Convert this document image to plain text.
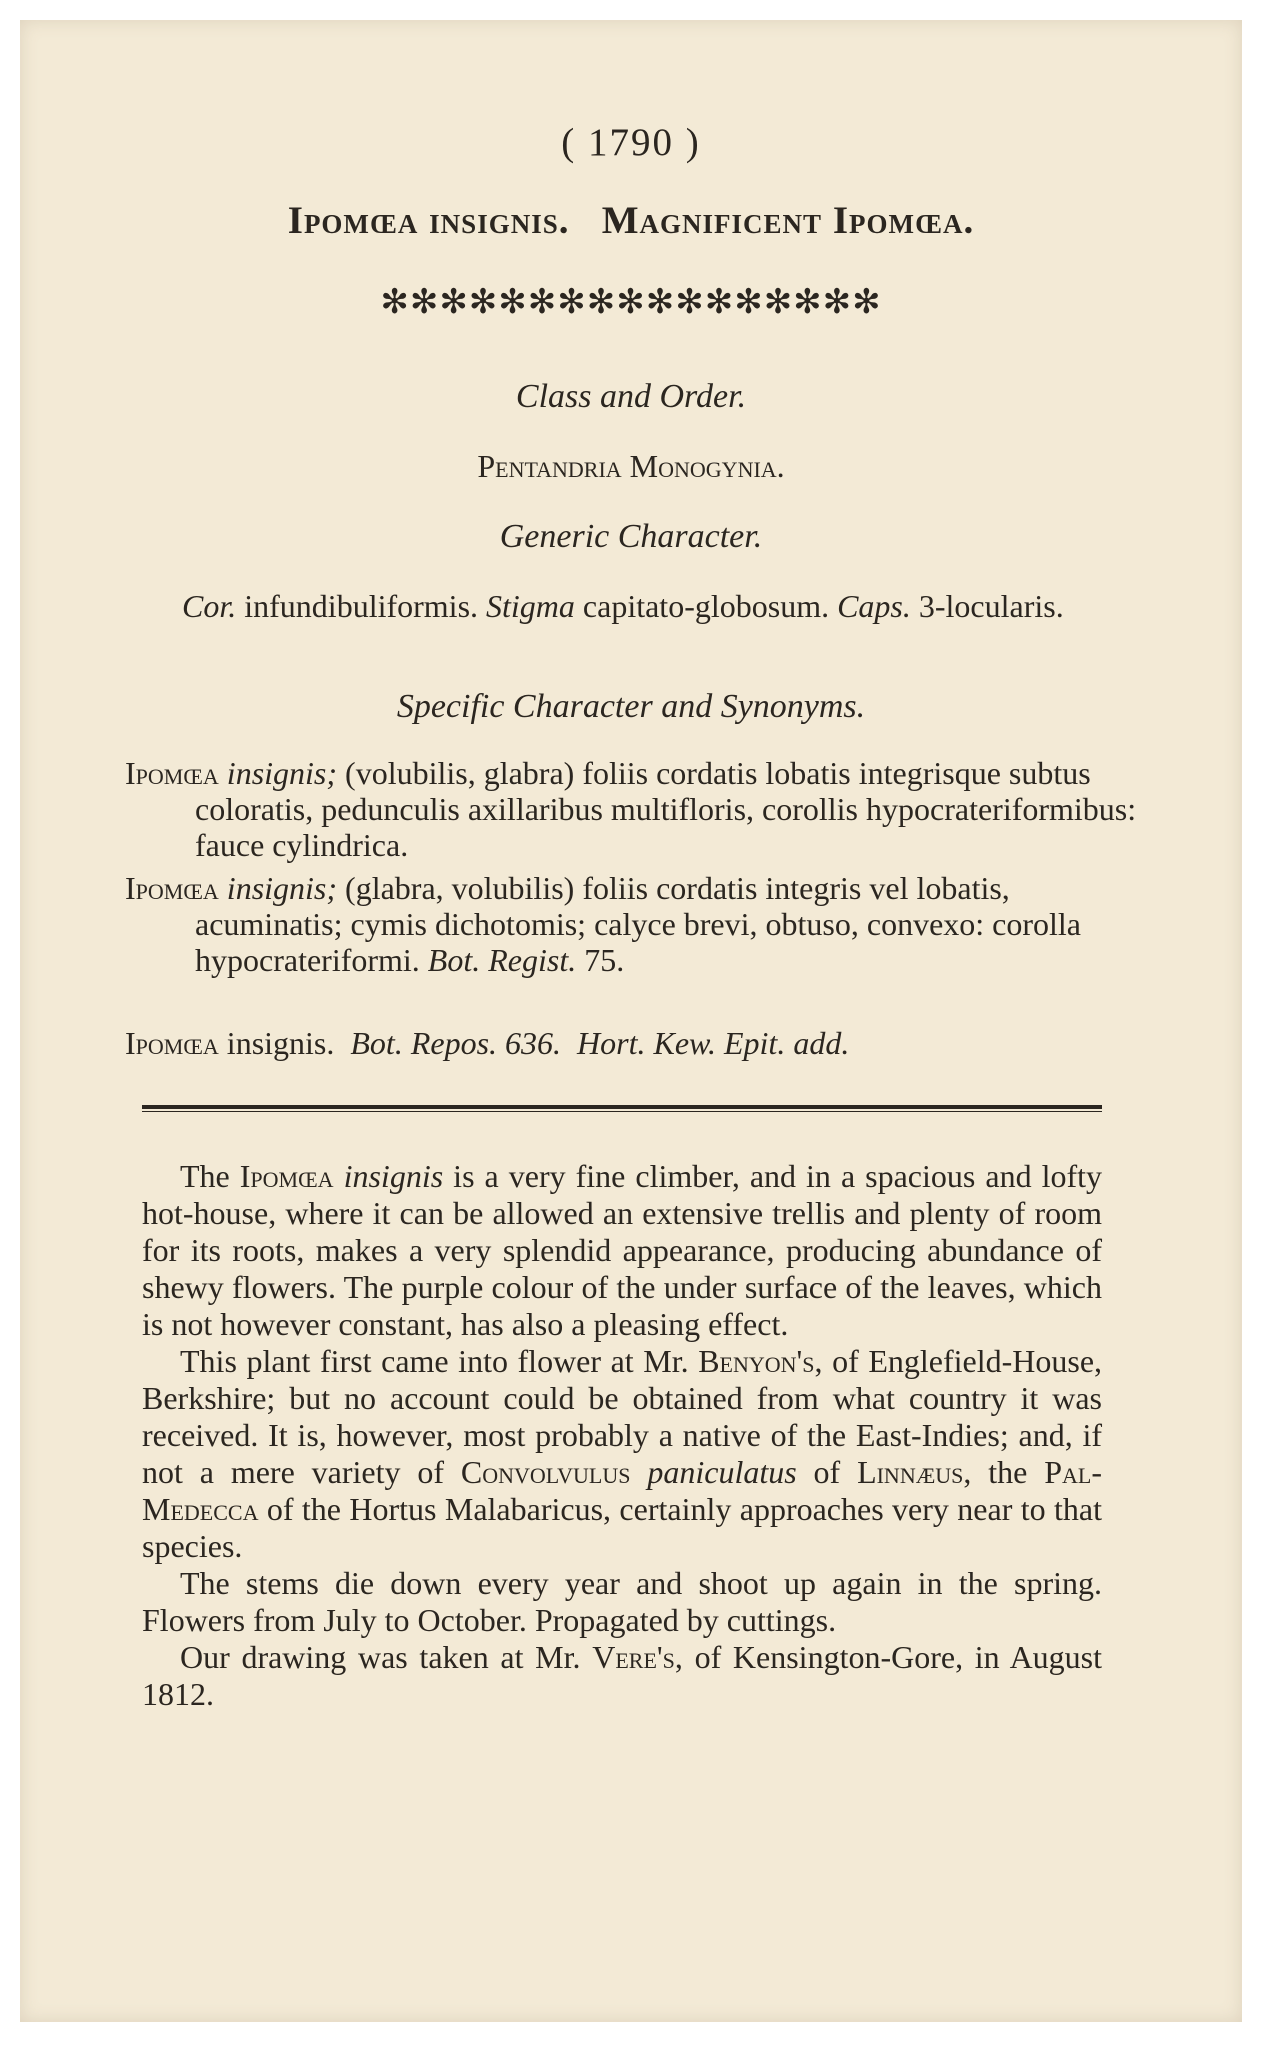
( 1790 )
Ipomœa insignis. Magnificent Ipomœa.
✻✻✻✻✻✻✻✻✻✻✻✻✻✻✻✻✻
Class and Order.
Pentandria Monogynia.
Generic Character.
Cor. infundibuliformis. Stigma capitato-globosum. Caps. 3-locularis.
Specific Character and Synonyms.
Ipomœa insignis; (volubilis, glabra) foliis cordatis lobatis integrisque subtus coloratis, pedunculis axillaribus multifloris, corollis hypocrateriformibus: fauce cylindrica.
Ipomœa insignis; (glabra, volubilis) foliis cordatis integris vel lobatis, acuminatis; cymis dichotomis; calyce brevi, obtuso, convexo: corolla hypocrateriformi. Bot. Regist. 75.
Ipomœa insignis. Bot. Repos. 636. Hort. Kew. Epit. add.

The Ipomœa insignis is a very fine climber, and in a spacious and lofty hot-house, where it can be allowed an extensive trellis and plenty of room for its roots, makes a very splendid appearance, producing abundance of shewy flowers. The purple colour of the under surface of the leaves, which is not however constant, has also a pleasing effect.

This plant first came into flower at Mr. Benyon's, of Englefield-House, Berkshire; but no account could be obtained from what country it was received. It is, however, most probably a native of the East-Indies; and, if not a mere variety of Convolvulus paniculatus of Linnæus, the Pal-Medecca of the Hortus Malabaricus, certainly approaches very near to that species.

The stems die down every year and shoot up again in the spring. Flowers from July to October. Propagated by cuttings.

Our drawing was taken at Mr. Vere's, of Kensington-Gore, in August 1812.
